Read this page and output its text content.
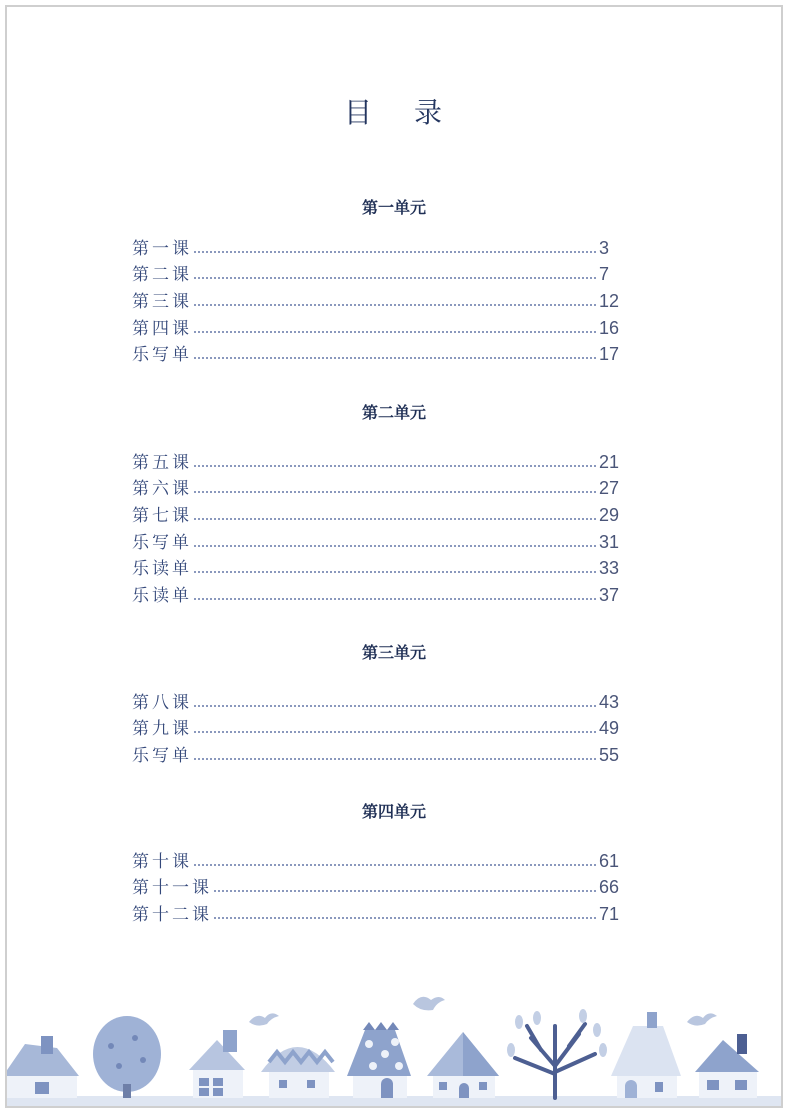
目 录
第一单元
第一课	3
第二课	7
第三课	12
第四课	16
乐写单	17
第二单元
第五课	21
第六课	27
第七课	29
乐写单	31
乐读单	33
乐读单	37
第三单元
第八课	43
第九课	49
乐写单	55
第四单元
第十课	61
第十一课	66
第十二课	71
